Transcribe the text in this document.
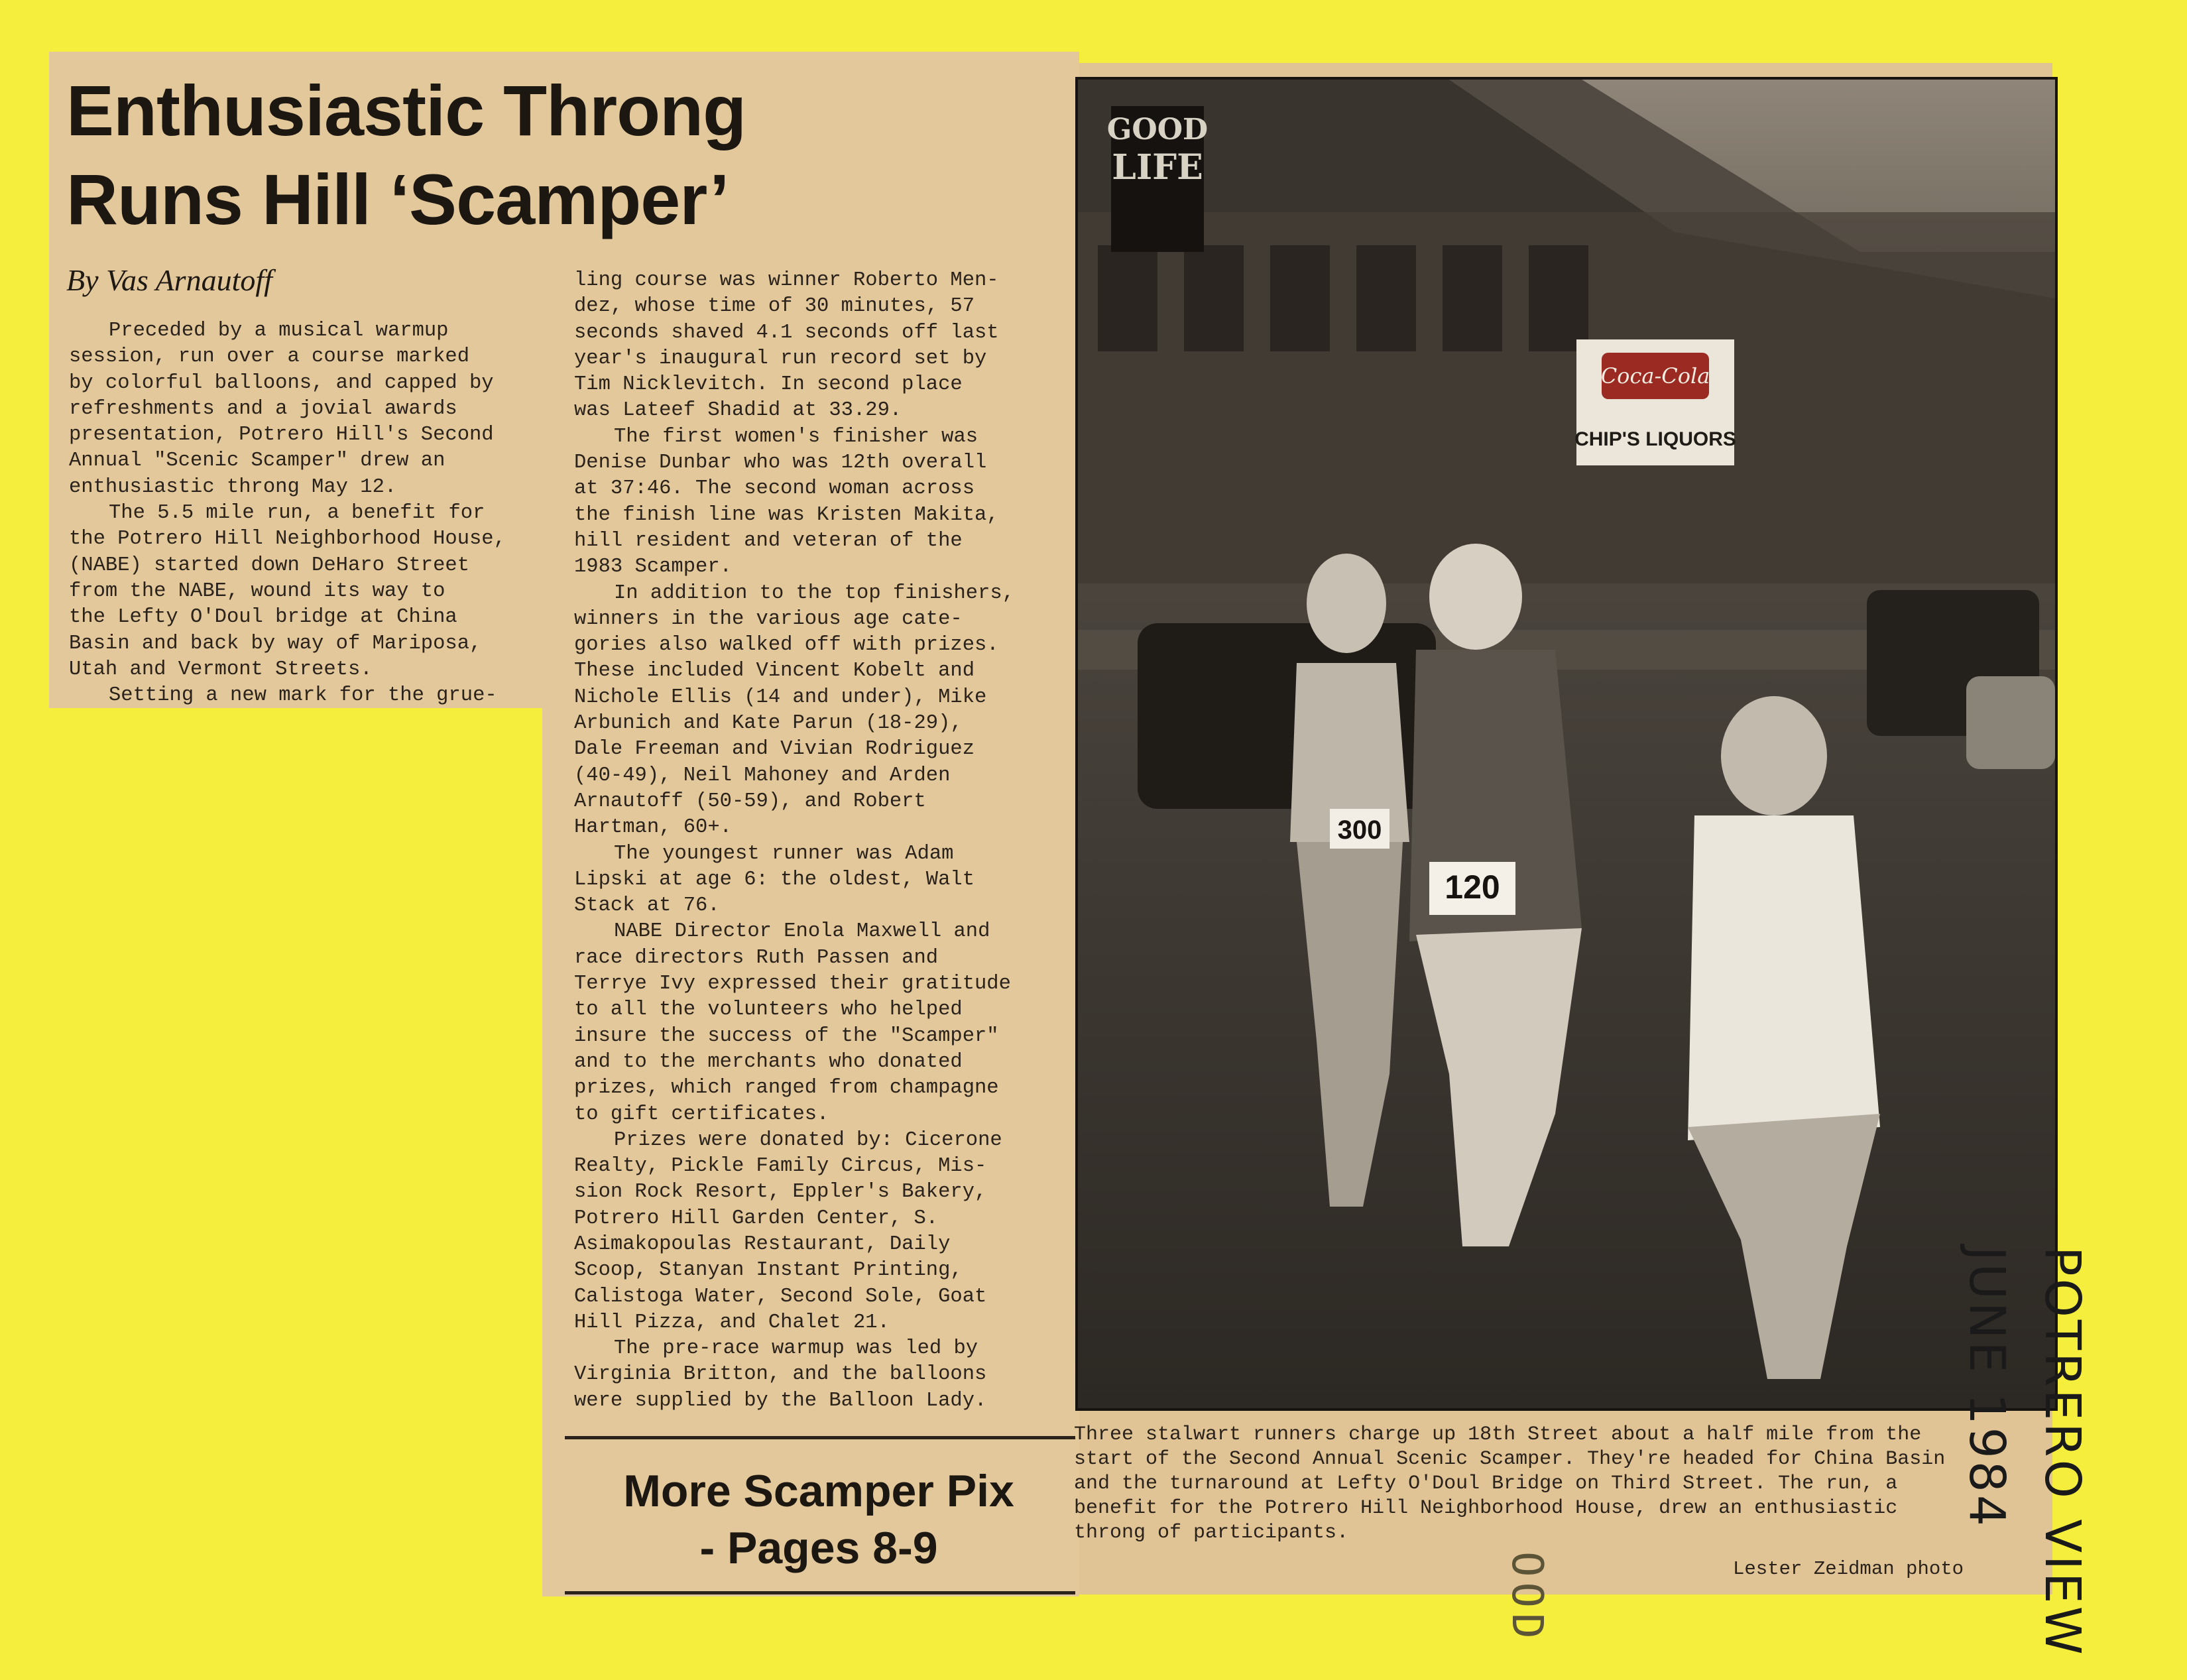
Enthusiastic Throng
Runs Hill ‘Scamper’
By Vas Arnautoff

Preceded by a musical warmup

session, run over a course marked

by colorful balloons, and capped by

refreshments and a jovial awards

presentation, Potrero Hill's Second

Annual "Scenic Scamper" drew an

enthusiastic throng May 12.

The 5.5 mile run, a benefit for

the Potrero Hill Neighborhood House,

(NABE) started down DeHaro Street

from the NABE, wound its way to

the Lefty O'Doul bridge at China

Basin and back by way of Mariposa,

Utah and Vermont Streets.

Setting a new mark for the grue-

ling course was winner Roberto Men-

dez, whose time of 30 minutes, 57

seconds shaved 4.1 seconds off last

year's inaugural run record set by

Tim Nicklevitch. In second place

was Lateef Shadid at 33.29.

The first women's finisher was

Denise Dunbar who was 12th overall

at 37:46. The second woman across

the finish line was Kristen Makita,

hill resident and veteran of the

1983 Scamper.

In addition to the top finishers,

winners in the various age cate-

gories also walked off with prizes.

These included Vincent Kobelt and

Nichole Ellis (14 and under), Mike

Arbunich and Kate Parun (18-29),

Dale Freeman and Vivian Rodriguez

(40-49), Neil Mahoney and Arden

Arnautoff (50-59), and Robert

Hartman, 60+.

The youngest runner was Adam

Lipski at age 6: the oldest, Walt

Stack at 76.

NABE Director Enola Maxwell and

race directors Ruth Passen and

Terrye Ivy expressed their gratitude

to all the volunteers who helped

insure the success of the "Scamper"

and to the merchants who donated

prizes, which ranged from champagne

to gift certificates.

Prizes were donated by: Cicerone

Realty, Pickle Family Circus, Mis-

sion Rock Resort, Eppler's Bakery,

Potrero Hill Garden Center, S.

Asimakopoulas Restaurant, Daily

Scoop, Stanyan Instant Printing,

Calistoga Water, Second Sole, Goat

Hill Pizza, and Chalet 21.

The pre-race warmup was led by

Virginia Britton, and the balloons

were supplied by the Balloon Lady.

More Scamper Pix
- Pages 8-9
GOOD
LIFE
Coca-Cola
CHIP'S LIQUORS
300
120
Three stalwart runners charge up 18th Street about a half mile from the
start of the Second Annual Scenic Scamper. They're headed for China Basin
and the turnaround at Lefty O'Doul Bridge on Third Street. The run, a
benefit for the Potrero Hill Neighborhood House, drew an enthusiastic
throng of participants.
Lester Zeidman photo POTRERO VIEW
JUNE 1984
OOD
